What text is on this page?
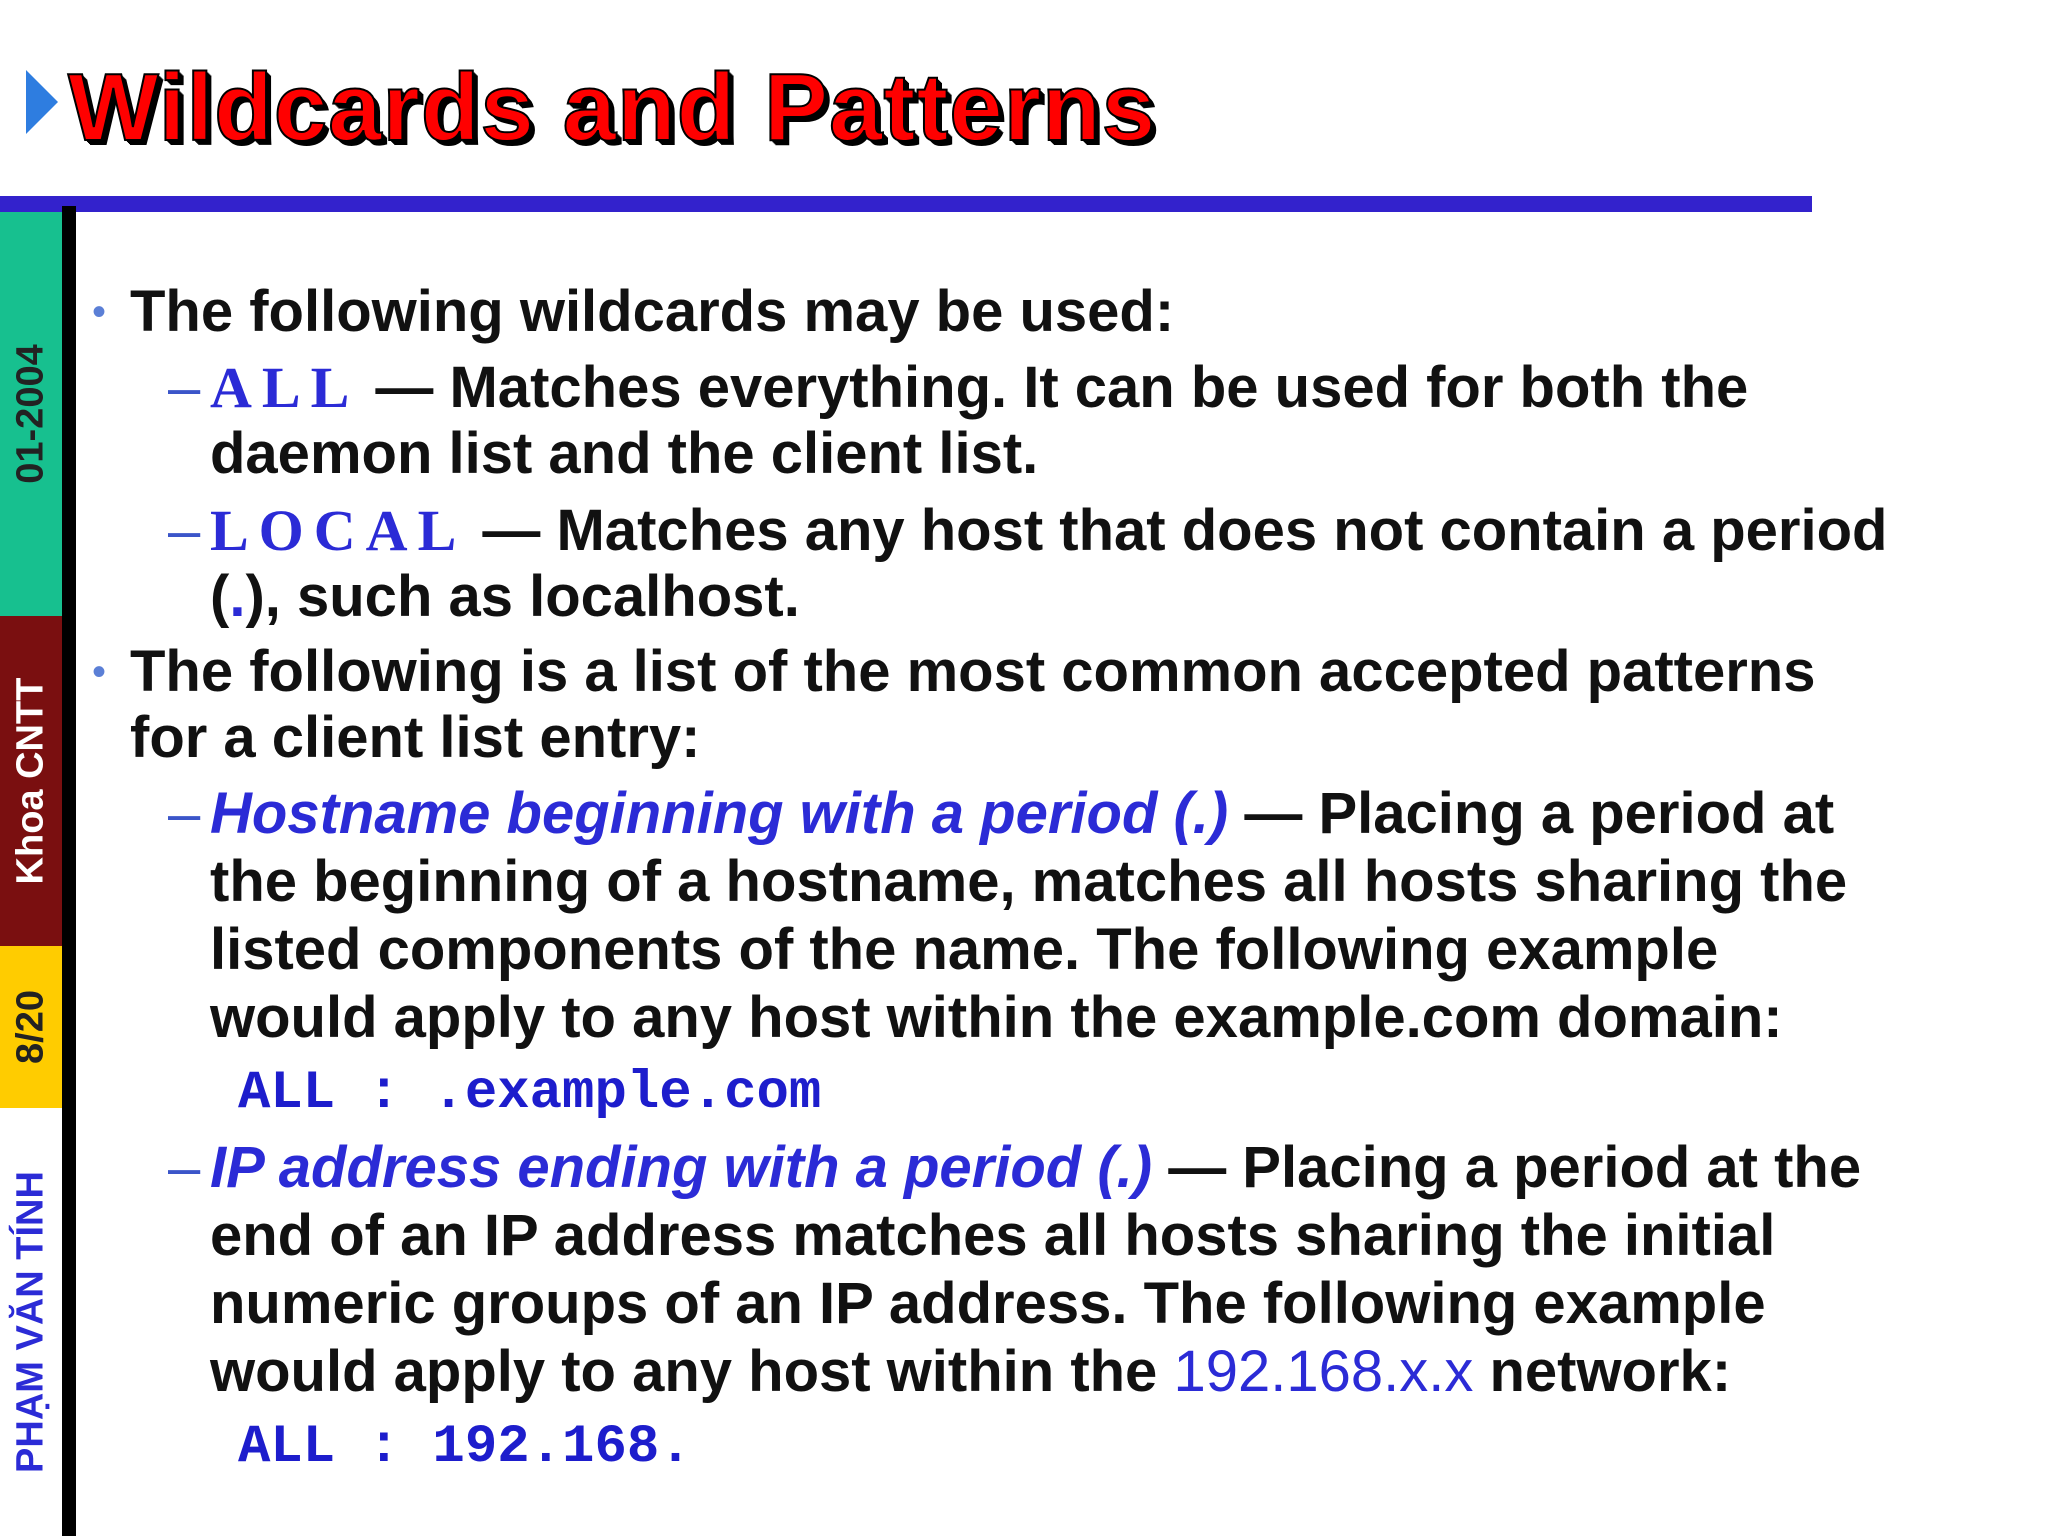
Wildcards and Patterns
01-2004
Khoa CNTT
8/20
PHẠM VĂN TÍNH
• The following wildcards may be used:
– ALL — Matches everything. It can be used for both the
daemon list and the client list.
– LOCAL — Matches any host that does not contain a period
(.), such as localhost.
• The following is a list of the most common accepted patterns
for a client list entry:
– Hostname beginning with a period (.) — Placing a period at
the beginning of a hostname, matches all hosts sharing the
listed components of the name. The following example
would apply to any host within the example.com domain:
ALL : .example.com
– IP address ending with a period (.) — Placing a period at the
end of an IP address matches all hosts sharing the initial
numeric groups of an IP address. The following example
would apply to any host within the 192.168.x.x network:
ALL : 192.168.
